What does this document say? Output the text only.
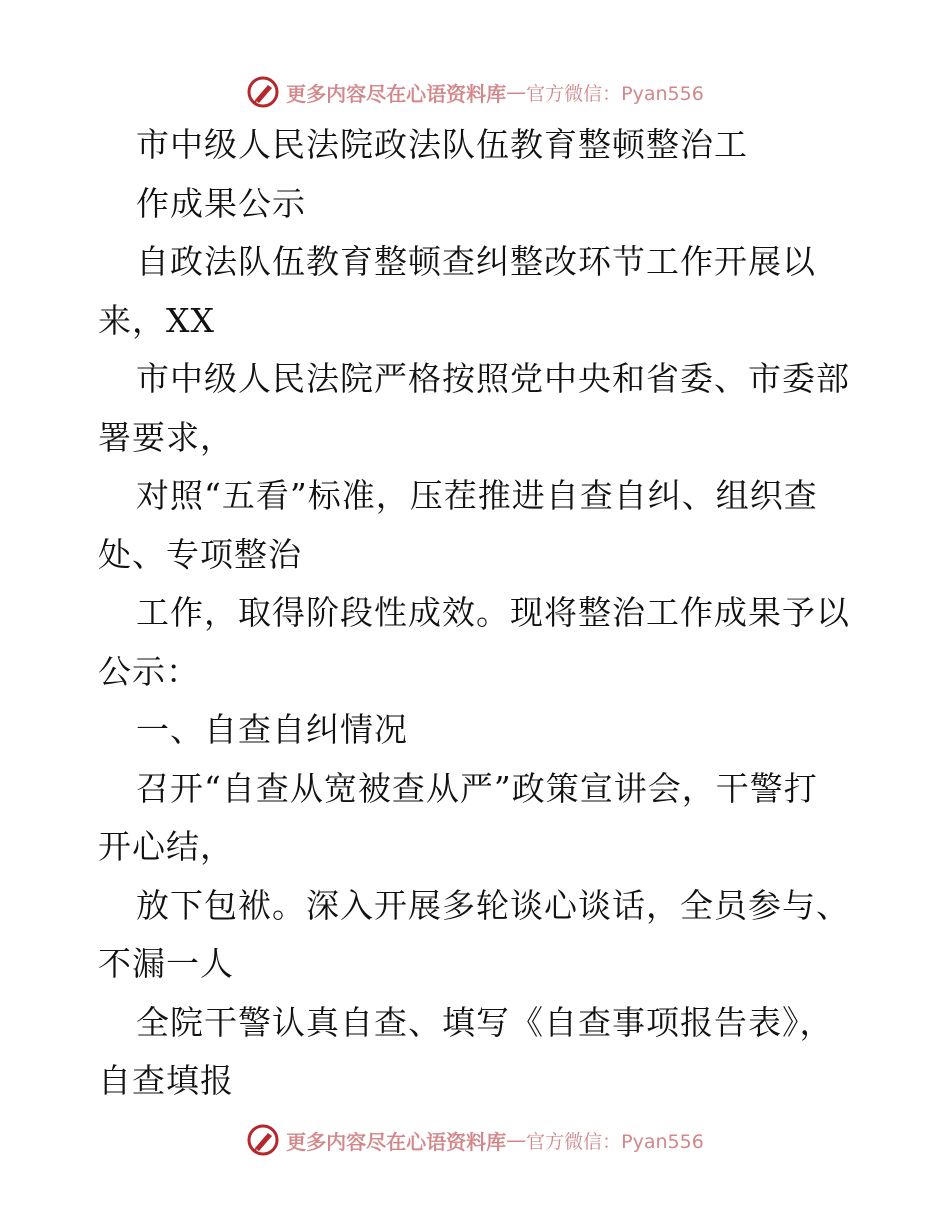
更多内容尽在心语资料库 — 官方微信：Pyan556
市中级人民法院政法队伍教育整顿整治工
作成果公示
自政法队伍教育整顿查纠整改环节工作开展以
来，XX
市中级人民法院严格按照党中央和省委、市委部
署要求，
对照“五看”标准，压茬推进自查自纠、组织查
处、专项整治
工作，取得阶段性成效。现将整治工作成果予以
公示：
一、自查自纠情况
召开“自查从宽被查从严”政策宣讲会，干警打
开心结，
放下包袱。深入开展多轮谈心谈话，全员参与、
不漏一人
全院干警认真自查、填写《自查事项报告表》，
自查填报
更多内容尽在心语资料库 — 官方微信：Pyan556
